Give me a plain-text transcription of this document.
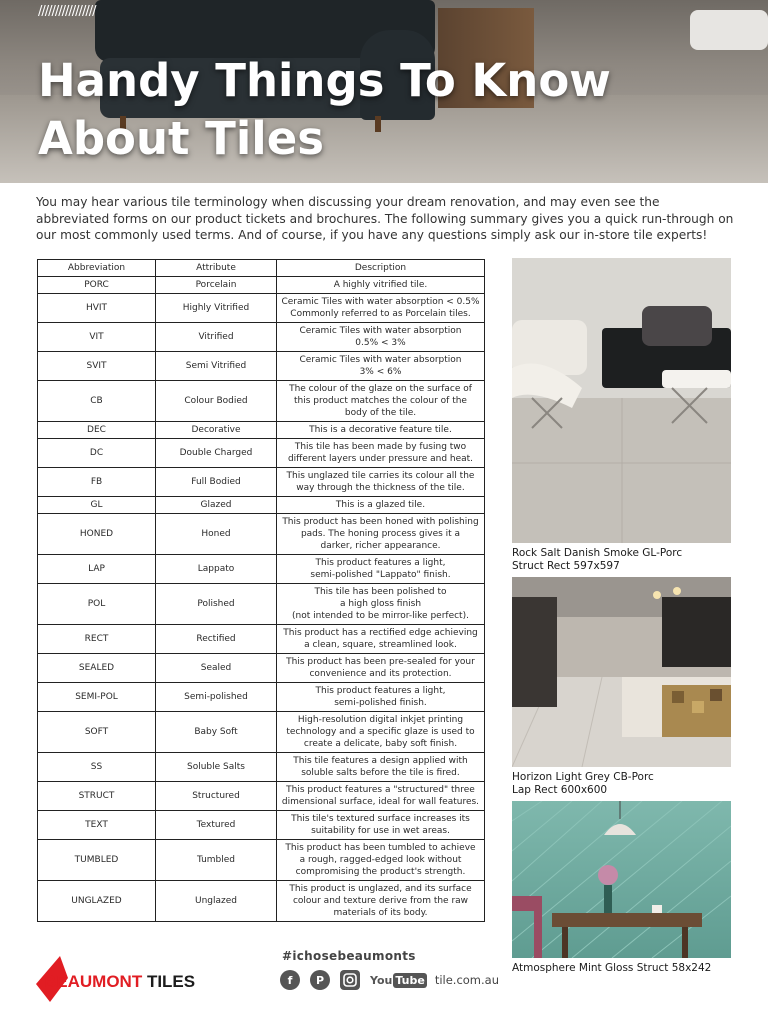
/////////////////
Handy Things To Know
About Tiles

You may hear various tile terminology when discussing your dream renovation, and may even see the abbreviated forms on our product tickets and brochures. The following summary gives you a quick run-through on our most commonly used terms. And of course, if you have any questions simply ask our in-store tile experts!

Abbreviation	Attribute	Description
PORC	Porcelain	A highly vitrified tile.
HVIT	Highly Vitrified	Ceramic Tiles with water absorption < 0.5%
Commonly referred to as Porcelain tiles.
VIT	Vitrified	Ceramic Tiles with water absorption
0.5% < 3%
SVIT	Semi Vitrified	Ceramic Tiles with water absorption
3% < 6%
CB	Colour Bodied	The colour of the glaze on the surface of
this product matches the colour of the
body of the tile.
DEC	Decorative	This is a decorative feature tile.
DC	Double Charged	This tile has been made by fusing two
different layers under pressure and heat.
FB	Full Bodied	This unglazed tile carries its colour all the
way through the thickness of the tile.
GL	Glazed	This is a glazed tile.
HONED	Honed	This product has been honed with polishing
pads. The honing process gives it a
darker, richer appearance.
LAP	Lappato	This product features a light,
semi-polished "Lappato" finish.
POL	Polished	This tile has been polished to
a high gloss finish
(not intended to be mirror-like perfect).
RECT	Rectified	This product has a rectified edge achieving
a clean, square, streamlined look.
SEALED	Sealed	This product has been pre-sealed for your
convenience and its protection.
SEMI-POL	Semi-polished	This product features a light,
semi-polished finish.
SOFT	Baby Soft	High-resolution digital inkjet printing
technology and a specific glaze is used to
create a delicate, baby soft finish.
SS	Soluble Salts	This tile features a design applied with
soluble salts before the tile is fired.
STRUCT	Structured	This product features a "structured" three
dimensional surface, ideal for wall features.
TEXT	Textured	This tile's textured surface increases its
suitability for use in wet areas.
TUMBLED	Tumbled	This product has been tumbled to achieve
a rough, ragged-edged look without
compromising the product's strength.
UNGLAZED	Unglazed	This product is unglazed, and its surface
colour and texture derive from the raw
materials of its body.

Rock Salt Danish Smoke GL-Porc
Struct Rect 597x597

Horizon Light Grey CB-Porc
Lap Rect 600x600

Atmosphere Mint Gloss Struct 58x242

BEAUMONT TILES

#ichosebeaumonts

f	P	You Tube tile.com.au
